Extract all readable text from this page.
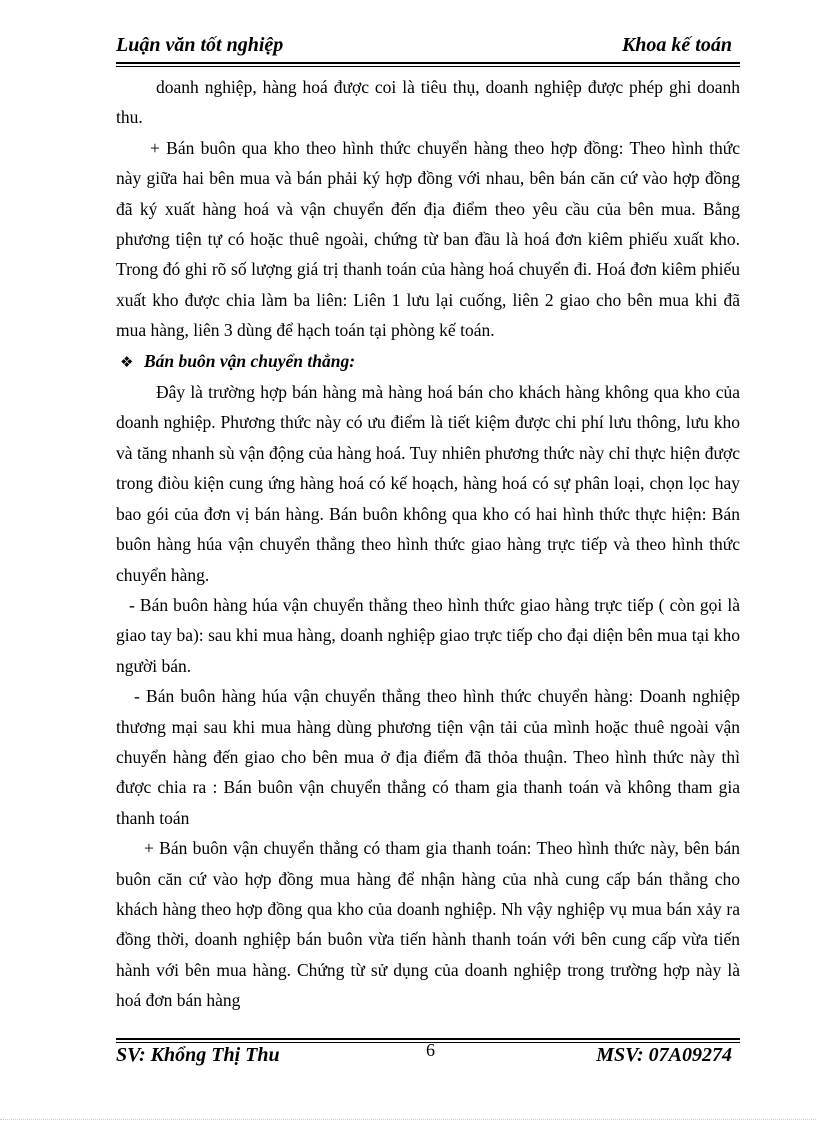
Luận văn tốt nghiệp	Khoa kế toán

doanh nghiệp, hàng hoá được coi là tiêu thụ, doanh nghiệp được phép ghi doanh thu.

+ Bán buôn qua kho theo hình thức chuyển hàng theo hợp đồng: Theo hình thức này giữa hai bên mua và bán phải ký hợp đồng với nhau, bên bán căn cứ vào hợp đồng đã ký xuất hàng hoá và vận chuyển đến địa điểm theo yêu cầu của bên mua. Bằng phương tiện tự có hoặc thuê ngoài, chứng từ ban đầu là hoá đơn kiêm phiếu xuất kho. Trong đó ghi rõ số lượng giá trị thanh toán của hàng hoá chuyển đi. Hoá đơn kiêm phiếu xuất kho được chia làm ba liên: Liên 1 lưu lại cuống, liên 2 giao cho bên mua khi đã mua hàng, liên 3 dùng để hạch toán tại phòng kế toán.

❖ Bán buôn vận chuyển thẳng:

Đây là trường hợp bán hàng mà hàng hoá bán cho khách hàng không qua kho của doanh nghiệp. Phương thức này có ưu điểm là tiết kiệm được chi phí lưu thông, lưu kho và tăng nhanh sù vận động của hàng hoá. Tuy nhiên phương thức này chỉ thực hiện được trong điòu kiện cung ứng hàng hoá có kế hoạch, hàng hoá có sự phân loại, chọn lọc hay bao gói của đơn vị bán hàng. Bán buôn không qua kho có hai hình thức thực hiện: Bán buôn hàng húa vận chuyển thẳng theo hình thức giao hàng trực tiếp và theo hình thức chuyển hàng.

- Bán buôn hàng húa vận chuyển thẳng theo hình thức giao hàng trực tiếp ( còn gọi là giao tay ba): sau khi mua hàng, doanh nghiệp giao trực tiếp cho đại diện bên mua tại kho người bán.

- Bán buôn hàng húa vận chuyển thẳng theo hình thức chuyển hàng: Doanh nghiệp thương mại sau khi mua hàng dùng phương tiện vận tải của mình hoặc thuê ngoài vận chuyển hàng đến giao cho bên mua ở địa điểm đã thỏa thuận. Theo hình thức này thì được chia ra : Bán buôn vận chuyển thẳng có tham gia thanh toán và không tham gia thanh toán

+ Bán buôn vận chuyển thẳng có tham gia thanh toán: Theo hình thức này, bên bán buôn căn cứ vào hợp đồng mua hàng để nhận hàng của nhà cung cấp bán thẳng cho khách hàng theo hợp đồng qua kho của doanh nghiệp. Nh vậy nghiệp vụ mua bán xảy ra đồng thời, doanh nghiệp bán buôn vừa tiến hành thanh toán với bên cung cấp vừa tiến hành với bên mua hàng. Chứng từ sử dụng của doanh nghiệp trong trường hợp này là hoá đơn bán hàng

SV: Khổng Thị Thu	6	MSV: 07A09274
